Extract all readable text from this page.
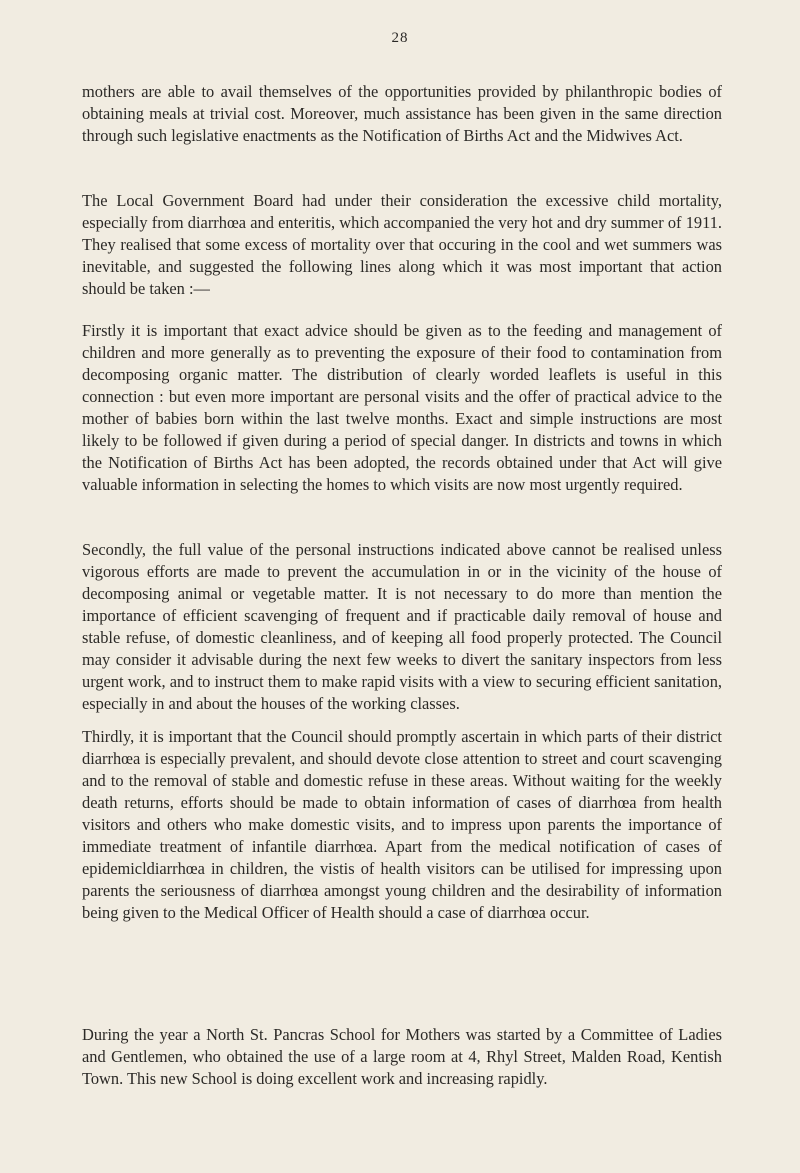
28

mothers are able to avail themselves of the opportunities provided by philanthropic bodies of obtaining meals at trivial cost. Moreover, much assistance has been given in the same direction through such legislative enactments as the Notification of Births Act and the Midwives Act.

The Local Government Board had under their consideration the excessive child mortality, especially from diarrhœa and enteritis, which accompanied the very hot and dry summer of 1911. They realised that some excess of mortality over that occuring in the cool and wet summers was inevitable, and suggested the following lines along which it was most important that action should be taken :—

Firstly it is important that exact advice should be given as to the feeding and management of children and more generally as to preventing the exposure of their food to contamination from decomposing organic matter. The distribution of clearly worded leaflets is useful in this connection : but even more important are personal visits and the offer of practical advice to the mother of babies born within the last twelve months. Exact and simple instructions are most likely to be followed if given during a period of special danger. In districts and towns in which the Notification of Births Act has been adopted, the records obtained under that Act will give valuable information in selecting the homes to which visits are now most urgently required.

Secondly, the full value of the personal instructions indicated above cannot be realised unless vigorous efforts are made to prevent the accumulation in or in the vicinity of the house of decomposing animal or vegetable matter. It is not necessary to do more than mention the importance of efficient scavenging of frequent and if practicable daily removal of house and stable refuse, of domestic cleanliness, and of keeping all food properly protected. The Council may consider it advisable during the next few weeks to divert the sanitary inspectors from less urgent work, and to instruct them to make rapid visits with a view to securing efficient sanitation, especially in and about the houses of the working classes.

Thirdly, it is important that the Council should promptly ascertain in which parts of their district diarrhœa is especially prevalent, and should devote close attention to street and court scavenging and to the removal of stable and domestic refuse in these areas. Without waiting for the weekly death returns, efforts should be made to obtain information of cases of diarrhœa from health visitors and others who make domestic visits, and to impress upon parents the importance of immediate treatment of infantile diarrhœa. Apart from the medical notification of cases of epidemicldiarrhœa in children, the vistis of health visitors can be utilised for impressing upon parents the seriousness of diarrhœa amongst young children and the desirability of information being given to the Medical Officer of Health should a case of diarrhœa occur.

During the year a North St. Pancras School for Mothers was started by a Committee of Ladies and Gentlemen, who obtained the use of a large room at 4, Rhyl Street, Malden Road, Kentish Town. This new School is doing excellent work and increasing rapidly.
